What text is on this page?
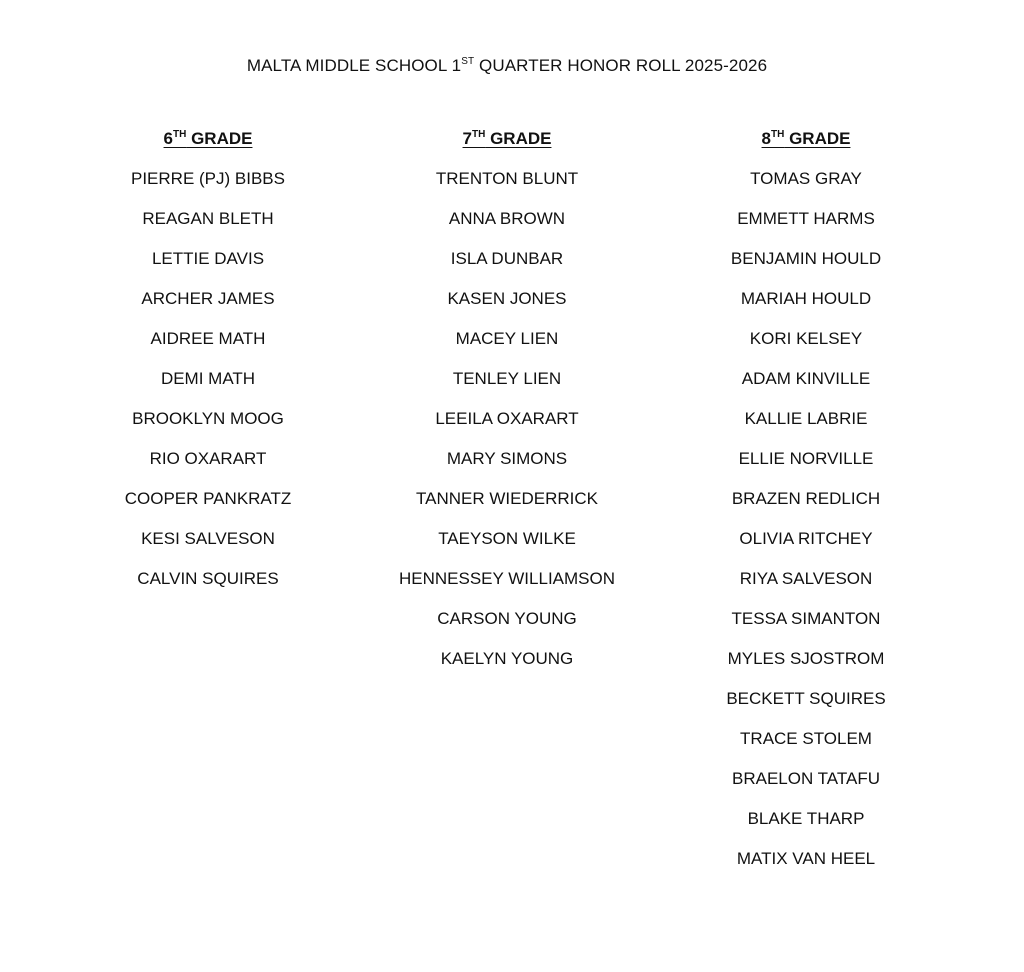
MALTA MIDDLE SCHOOL 1ST QUARTER HONOR ROLL 2025-2026
6TH GRADE
PIERRE (PJ) BIBBS
REAGAN BLETH
LETTIE DAVIS
ARCHER JAMES
AIDREE MATH
DEMI MATH
BROOKLYN MOOG
RIO OXARART
COOPER PANKRATZ
KESI SALVESON
CALVIN SQUIRES
7TH GRADE
TRENTON BLUNT
ANNA BROWN
ISLA DUNBAR
KASEN JONES
MACEY LIEN
TENLEY LIEN
LEEILA OXARART
MARY SIMONS
TANNER WIEDERRICK
TAEYSON WILKE
HENNESSEY WILLIAMSON
CARSON YOUNG
KAELYN YOUNG
8TH GRADE
TOMAS GRAY
EMMETT HARMS
BENJAMIN HOULD
MARIAH HOULD
KORI KELSEY
ADAM KINVILLE
KALLIE LABRIE
ELLIE NORVILLE
BRAZEN REDLICH
OLIVIA RITCHEY
RIYA SALVESON
TESSA SIMANTON
MYLES SJOSTROM
BECKETT SQUIRES
TRACE STOLEM
BRAELON TATAFU
BLAKE THARP
MATIX VAN HEEL
